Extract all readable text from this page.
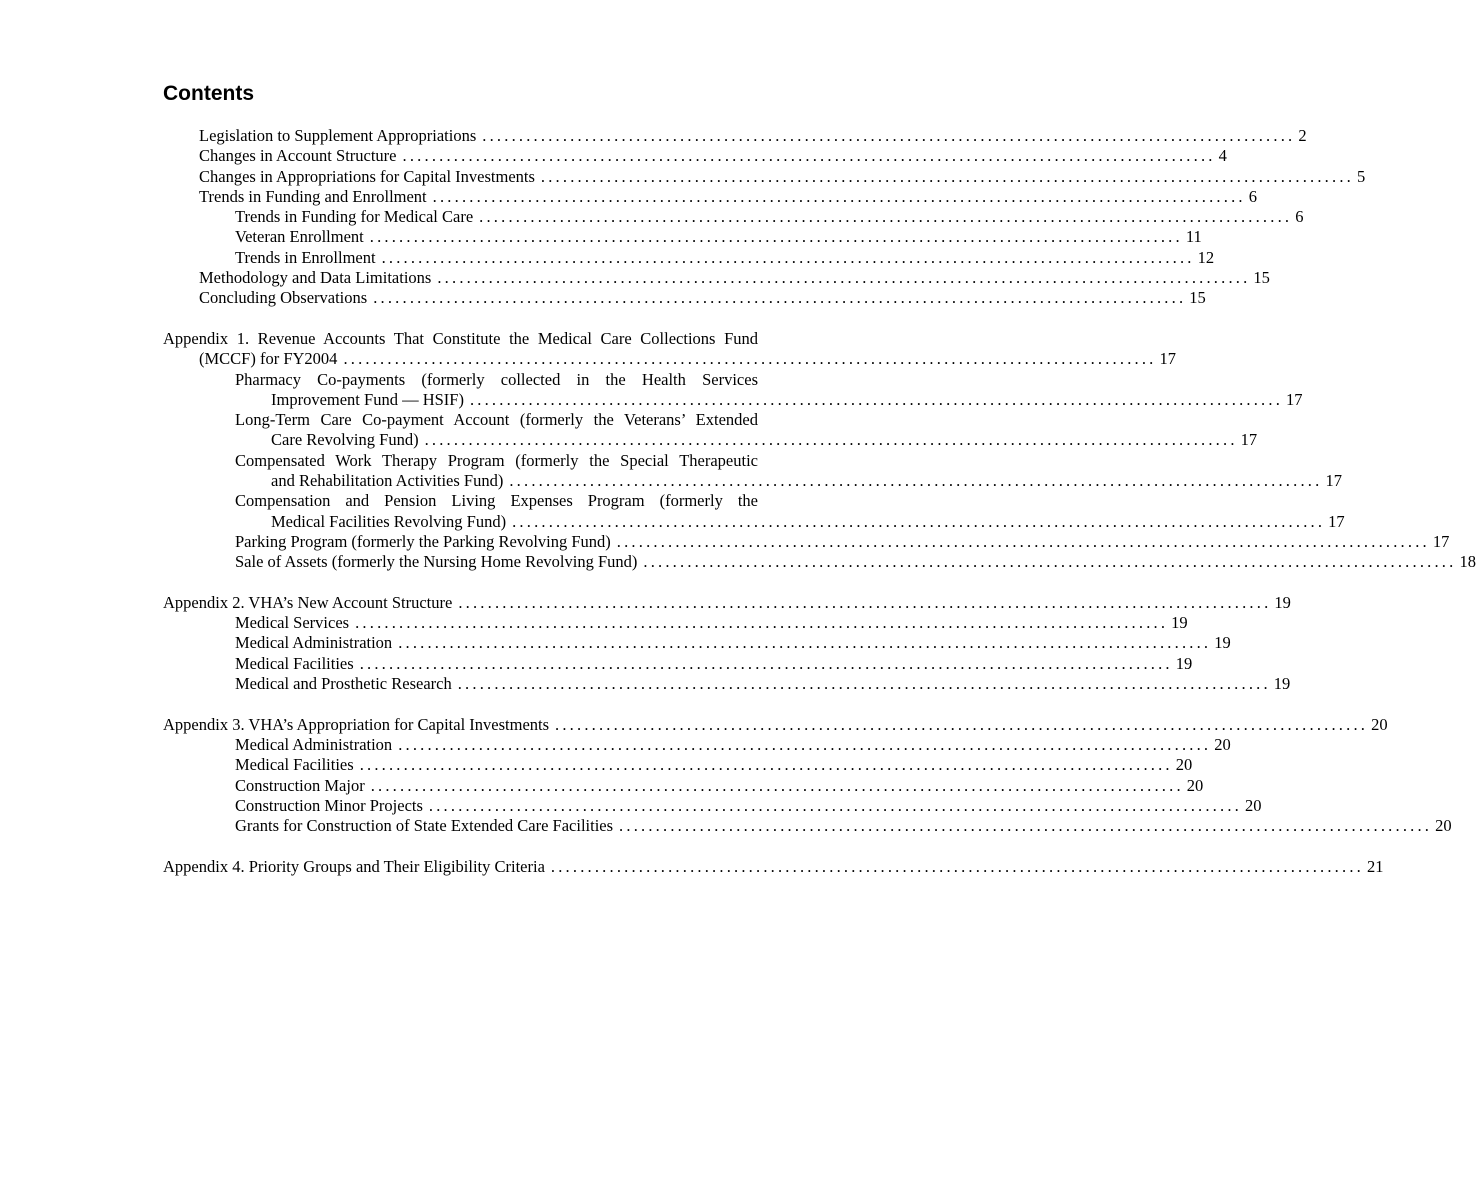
Contents
Legislation to Supplement Appropriations ............................................................................................................... 2
Changes in Account Structure ............................................................................................................... 4
Changes in Appropriations for Capital Investments ............................................................................................................... 5
Trends in Funding and Enrollment ............................................................................................................... 6
Trends in Funding for Medical Care ............................................................................................................... 6
Veteran Enrollment ............................................................................................................... 11
Trends in Enrollment ............................................................................................................... 12
Methodology and Data Limitations ............................................................................................................... 15
Concluding Observations ............................................................................................................... 15
Appendix 1. Revenue Accounts That Constitute the Medical Care Collections Fund
(MCCF) for FY2004 ............................................................................................................... 17
Pharmacy Co-payments (formerly collected in the Health Services
Improvement Fund — HSIF) ............................................................................................................... 17
Long-Term Care Co-payment Account (formerly the Veterans’ Extended
Care Revolving Fund) ............................................................................................................... 17
Compensated Work Therapy Program (formerly the Special Therapeutic
and Rehabilitation Activities Fund) ............................................................................................................... 17
Compensation and Pension Living Expenses Program (formerly the
Medical Facilities Revolving Fund) ............................................................................................................... 17
Parking Program (formerly the Parking Revolving Fund) ............................................................................................................... 17
Sale of Assets (formerly the Nursing Home Revolving Fund) ............................................................................................................... 18
Appendix 2. VHA’s New Account Structure ............................................................................................................... 19
Medical Services ............................................................................................................... 19
Medical Administration ............................................................................................................... 19
Medical Facilities ............................................................................................................... 19
Medical and Prosthetic Research ............................................................................................................... 19
Appendix 3. VHA’s Appropriation for Capital Investments ............................................................................................................... 20
Medical Administration ............................................................................................................... 20
Medical Facilities ............................................................................................................... 20
Construction Major ............................................................................................................... 20
Construction Minor Projects ............................................................................................................... 20
Grants for Construction of State Extended Care Facilities ............................................................................................................... 20
Appendix 4. Priority Groups and Their Eligibility Criteria ............................................................................................................... 21
